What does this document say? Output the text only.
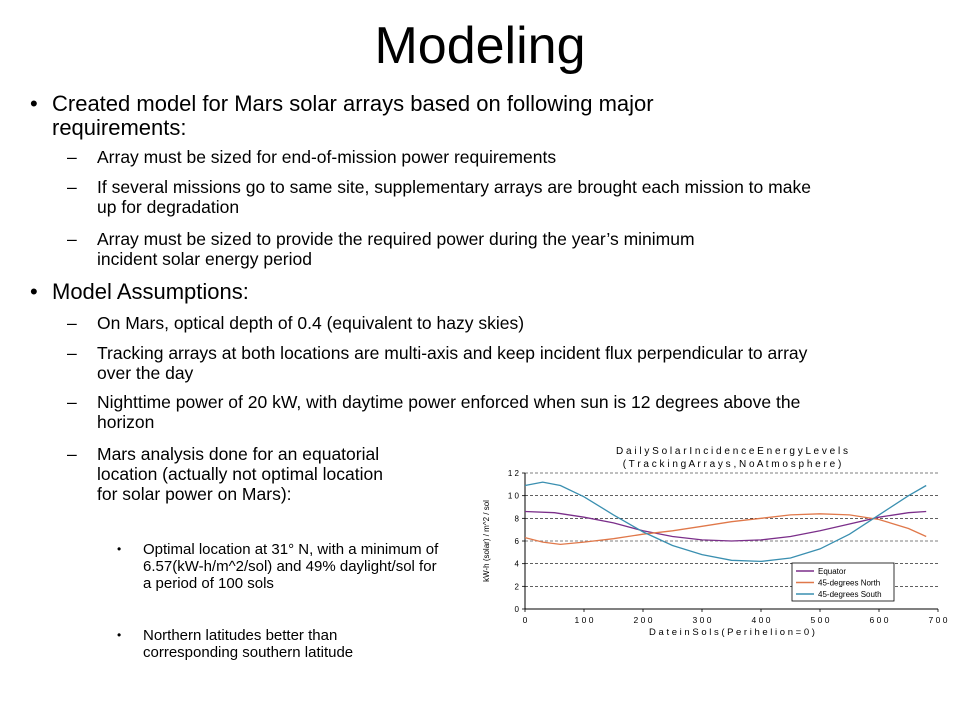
Modeling
• Created model for Mars solar arrays based on following major requirements:
– Array must be sized for end-of-mission power requirements
– If several missions go to same site, supplementary arrays are brought each mission to make up for degradation
– Array must be sized to provide the required power during the year’s minimum incident solar energy period
• Model Assumptions:
– On Mars, optical depth of 0.4 (equivalent to hazy skies)
– Tracking arrays at both locations are multi-axis and keep incident flux perpendicular to array over the day
– Nighttime power of 20 kW, with daytime power enforced when sun is 12 degrees above the horizon
– Mars analysis done for an equatorial location (actually not optimal location for solar power on Mars):
• Optimal location at 31° N, with a minimum of 6.57(kW-h/m^2/sol) and 49% daylight/sol for a period of 100 sols
• Northern latitudes better than corresponding southern latitude
D a i l y S o l a r I n c i d e n c e E n e r g y L e v e l s
( T r a c k i n g A r r a y s , N o A t m o s p h e r e )
kW-h (solar) / m^2 / sol
D a t e i n S o l s ( P e r i h e l i o n = 0 )
0
2
4
6
8
1 0
1 2
0	1 0 0	2 0 0	3 0 0	4 0 0	5 0 0	6 0 0	7 0 0
Equator
45-degrees North
45-degrees South
